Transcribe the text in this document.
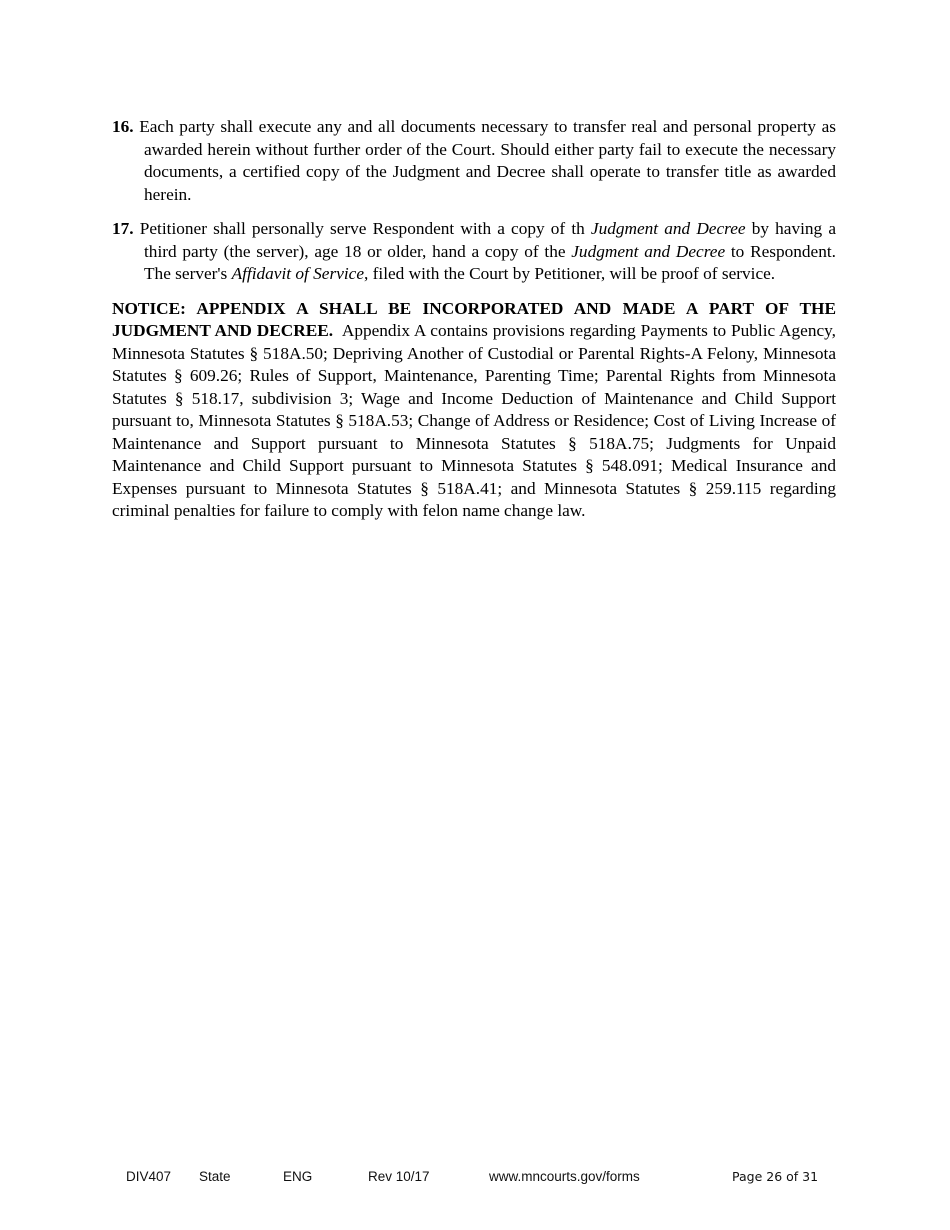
16. Each party shall execute any and all documents necessary to transfer real and personal property as awarded herein without further order of the Court. Should either party fail to execute the necessary documents, a certified copy of the Judgment and Decree shall operate to transfer title as awarded herein.

17. Petitioner shall personally serve Respondent with a copy of th Judgment and Decree by having a third party (the server), age 18 or older, hand a copy of the Judgment and Decree to Respondent. The server's Affidavit of Service, filed with the Court by Petitioner, will be proof of service.

NOTICE: APPENDIX A SHALL BE INCORPORATED AND MADE A PART OF THE JUDGMENT AND DECREE. Appendix A contains provisions regarding Payments to Public Agency, Minnesota Statutes § 518A.50; Depriving Another of Custodial or Parental Rights-A Felony, Minnesota Statutes § 609.26; Rules of Support, Maintenance, Parenting Time; Parental Rights from Minnesota Statutes § 518.17, subdivision 3; Wage and Income Deduction of Maintenance and Child Support pursuant to, Minnesota Statutes § 518A.53; Change of Address or Residence; Cost of Living Increase of Maintenance and Support pursuant to Minnesota Statutes § 518A.75; Judgments for Unpaid Maintenance and Child Support pursuant to Minnesota Statutes § 548.091; Medical Insurance and Expenses pursuant to Minnesota Statutes § 518A.41; and Minnesota Statutes § 259.115 regarding criminal penalties for failure to comply with felon name change law.

DIV407 State	ENG	Rev 10/17	www.mncourts.gov/forms	Page 26 of 31
